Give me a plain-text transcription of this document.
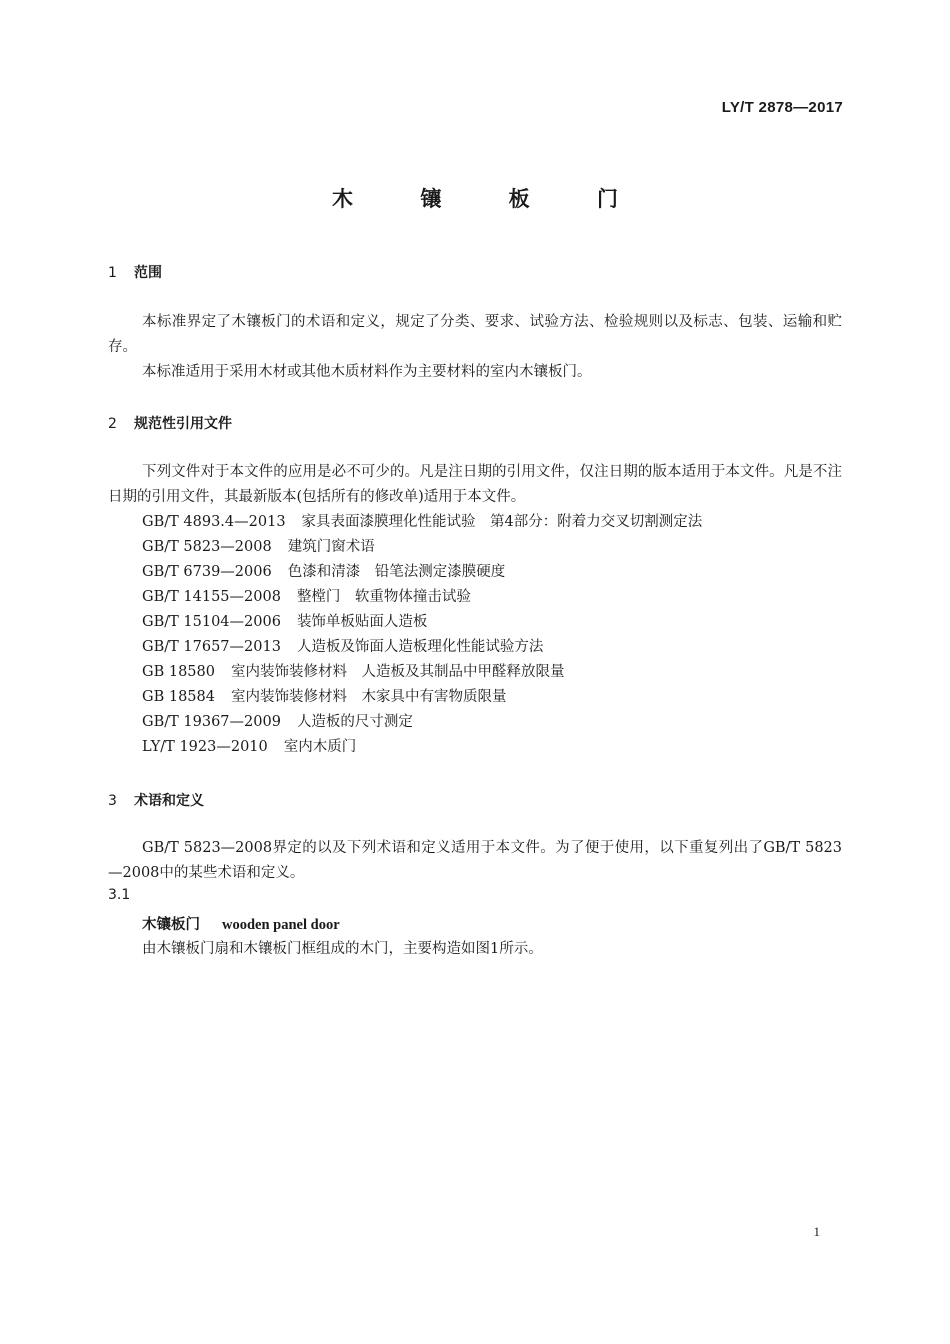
LY/T 2878—2017
木 镶 板 门
1 范围

本标准界定了木镶板门的术语和定义，规定了分类、要求、试验方法、检验规则以及标志、包装、运输和贮存。

本标准适用于采用木材或其他木质材料作为主要材料的室内木镶板门。

2 规范性引用文件

下列文件对于本文件的应用是必不可少的。凡是注日期的引用文件，仅注日期的版本适用于本文件。凡是不注日期的引用文件，其最新版本(包括所有的修改单)适用于本文件。

GB/T 4893.4—2013 家具表面漆膜理化性能试验　第4部分：附着力交叉切割测定法
GB/T 5823—2008 建筑门窗术语
GB/T 6739—2006 色漆和清漆　铅笔法测定漆膜硬度
GB/T 14155—2008 整樘门　软重物体撞击试验
GB/T 15104—2006 装饰单板贴面人造板
GB/T 17657—2013 人造板及饰面人造板理化性能试验方法
GB 18580 室内装饰装修材料　人造板及其制品中甲醛释放限量
GB 18584 室内装饰装修材料　木家具中有害物质限量
GB/T 19367—2009 人造板的尺寸测定
LY/T 1923—2010 室内木质门
3 术语和定义

GB/T 5823—2008界定的以及下列术语和定义适用于本文件。为了便于使用，以下重复列出了GB/T 5823—2008中的某些术语和定义。

3.1
木镶板门 wooden panel door
由木镶板门扇和木镶板门框组成的木门，主要构造如图1所示。
1
